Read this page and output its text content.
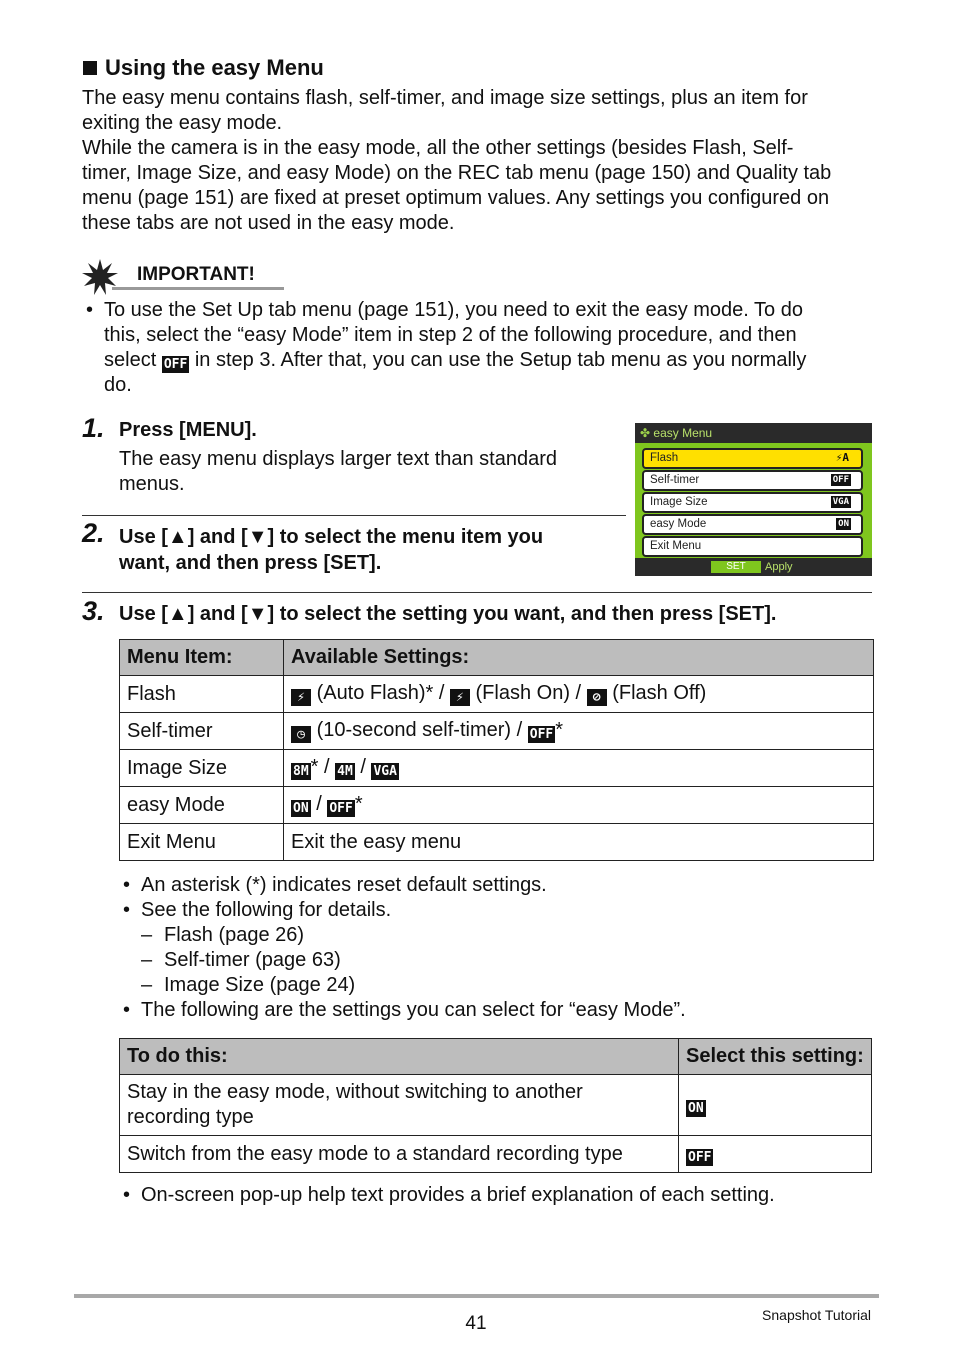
Using the easy Menu
The easy menu contains flash, self-timer, and image size settings, plus an item for
exiting the easy mode.
While the camera is in the easy mode, all the other settings (besides Flash, Self-
timer, Image Size, and easy Mode) on the REC tab menu (page 150) and Quality tab
menu (page 151) are fixed at preset optimum values. Any settings you configured on
these tabs are not used in the easy mode.
IMPORTANT!
• To use the Set Up tab menu (page 151), you need to exit the easy mode. To do
this, select the “easy Mode” item in step 2 of the following procedure, and then
select OFF in step 3. After that, you can use the Setup tab menu as you normally
do.
1. Press [MENU].
The easy menu displays larger text than standard
menus.
2. Use [▲] and [▼] to select the menu item you
want, and then press [SET].
✤ easy Menu
Flash	⚡A
Self-timer	OFF
Image Size	VGA
easy Mode	ON
Exit Menu
SET	Apply
3. Use [▲] and [▼] to select the setting you want, and then press [SET].
Menu Item:	Available Settings:
Flash	⚡ (Auto Flash)* / ⚡ (Flash On) / ⊘ (Flash Off)
Self-timer	◷ (10-second self-timer) / OFF *
Image Size	8M * / 4M / VGA
easy Mode	ON / OFF *
Exit Menu	Exit the easy menu
• An asterisk (*) indicates reset default settings.
• See the following for details.
– Flash (page 26)
– Self-timer (page 63)
– Image Size (page 24)
• The following are the settings you can select for “easy Mode”.
To do this:	Select this setting:

Stay in the easy mode, without switching to another
recording type	ON
Switch from the easy mode to a standard recording type	OFF
• On-screen pop-up help text provides a brief explanation of each setting.
41	Snapshot Tutorial
